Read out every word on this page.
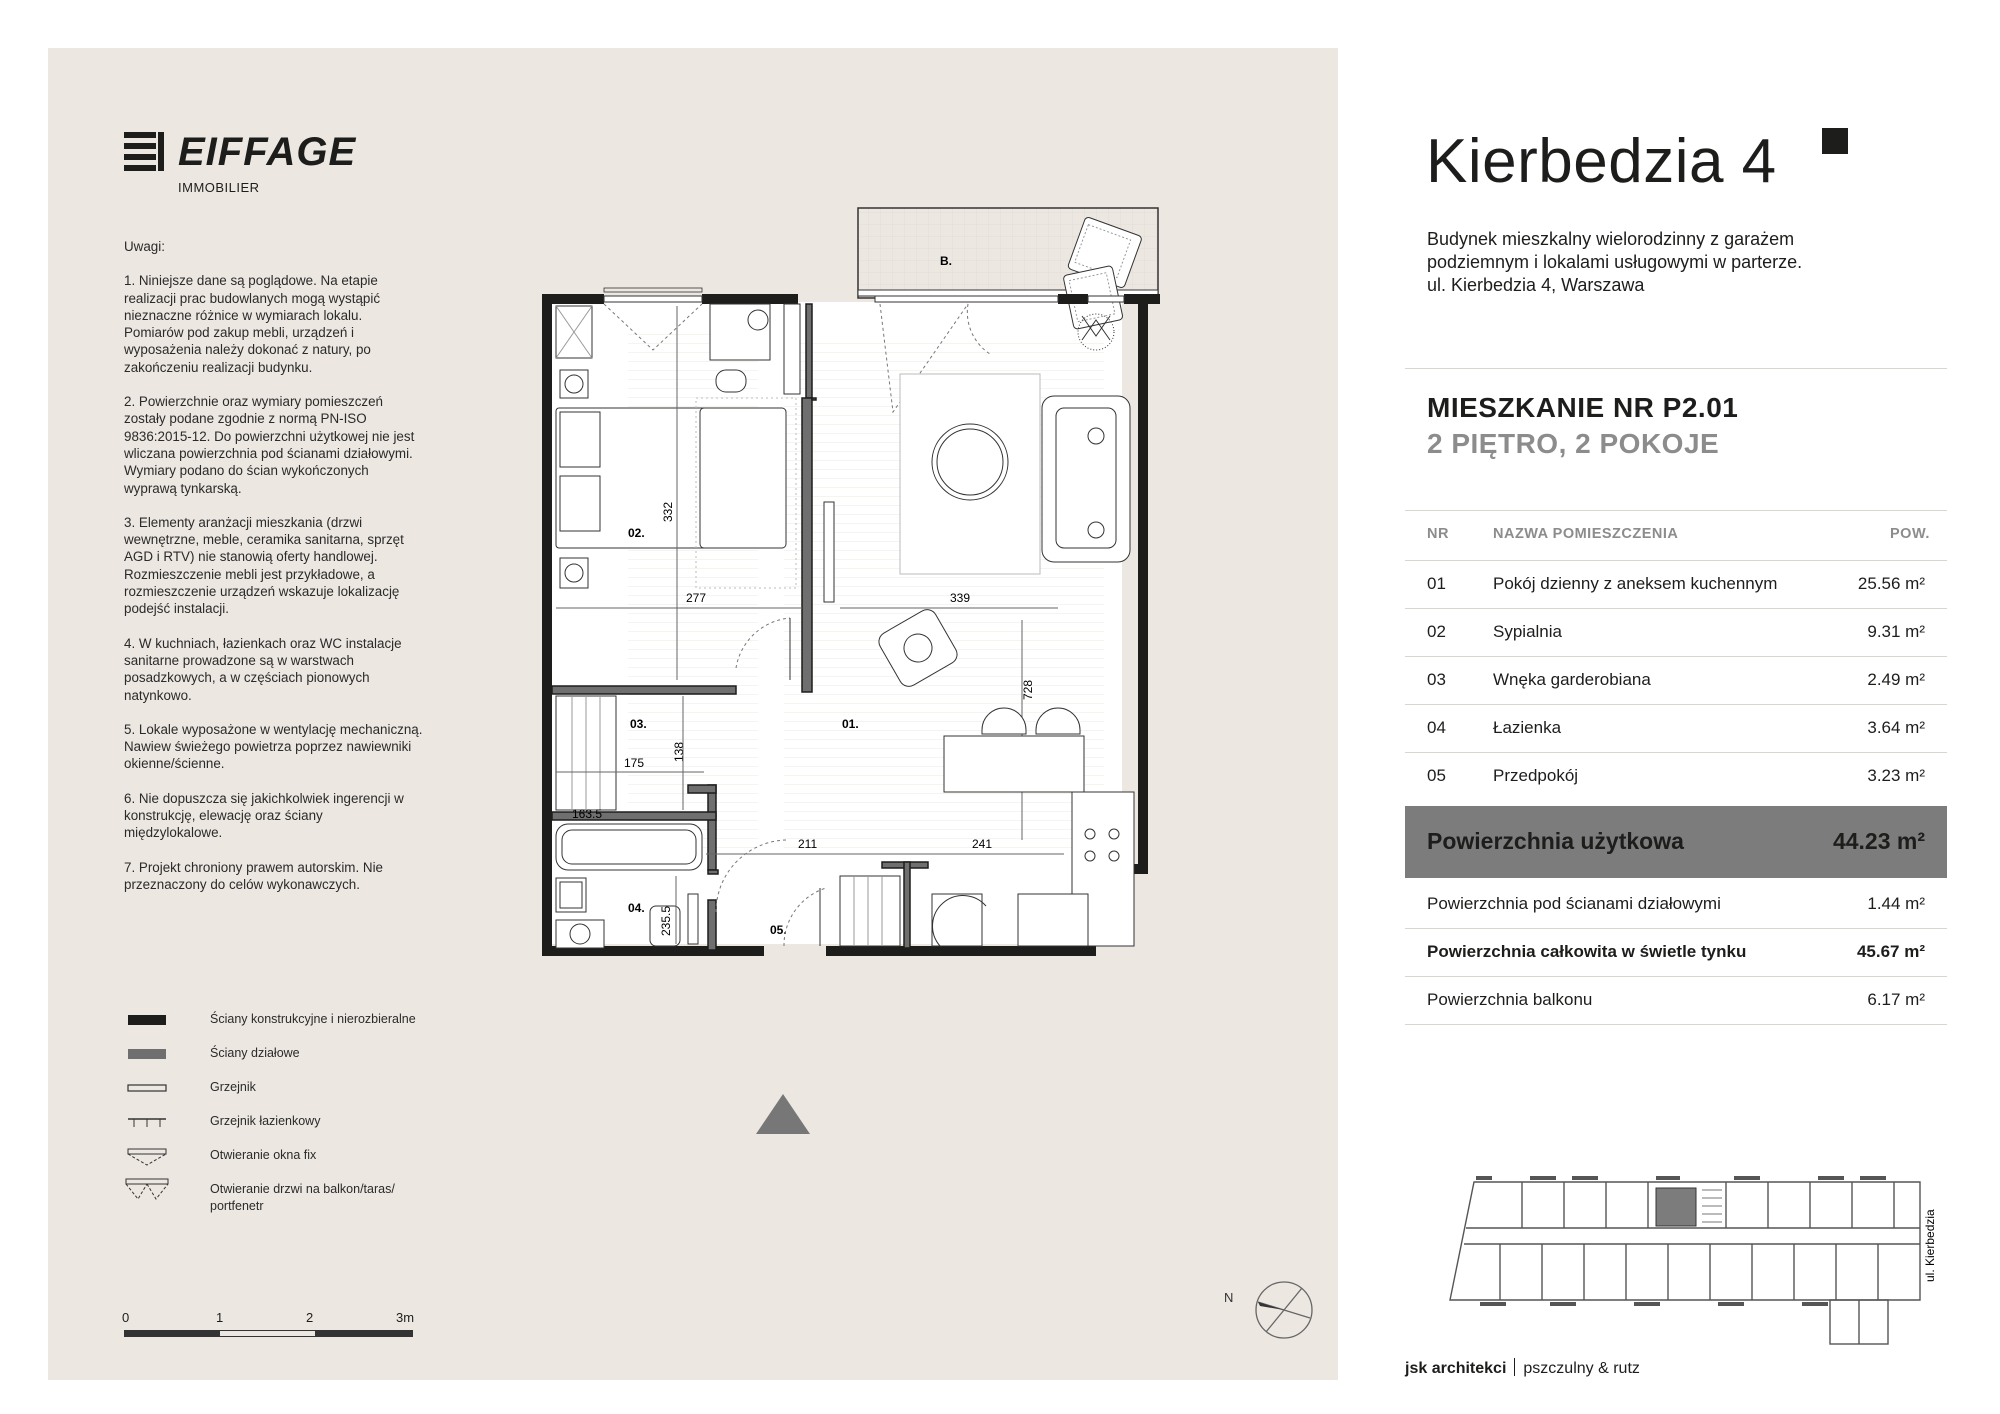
EIFFAGE
IMMOBILIER

Uwagi:

1. Niniejsze dane są poglądowe. Na etapie realizacji prac budowlanych mogą wystąpić nieznaczne różnice w wymiarach lokalu. Pomiarów pod zakup mebli, urządzeń i wyposażenia należy dokonać z natury, po zakończeniu realizacji budynku.

2. Powierzchnie oraz wymiary pomieszczeń zostały podane zgodnie z normą PN-ISO 9836:2015-12. Do powierzchni użytkowej nie jest wliczana powierzchnia pod ścianami działowymi. Wymiary podano do ścian wykończonych wyprawą tynkarską.

3. Elementy aranżacji mieszkania (drzwi wewnętrzne, meble, ceramika sanitarna, sprzęt AGD i RTV) nie stanowią oferty handlowej. Rozmieszczenie mebli jest przykładowe, a rozmieszczenie urządzeń wskazuje lokalizację podejść instalacji.

4. W kuchniach, łazienkach oraz WC instalacje sanitarne prowadzone są w warstwach posadzkowych, a w częściach pionowych natynkowo.

5. Lokale wyposażone w wentylację mechaniczną. Nawiew świeżego powietrza poprzez nawiewniki okienne/ścienne.

6. Nie dopuszcza się jakichkolwiek ingerencji w konstrukcję, elewację oraz ściany międzylokalowe.

7. Projekt chroniony prawem autorskim. Nie przeznaczony do celów wykonawczych.

Ściany konstrukcyjne i nierozbieralne
Ściany działowe
Grzejnik
Grzejnik łazienkowy
Otwieranie okna fix
Otwieranie drzwi na balkon/taras/ portfenetr
0	1	2	3m
B.
03.
138
175
02.
332
277	339
728
01.
211	241
05.
163.5
04. 235.5
N
Kierbedzia 4
Budynek mieszkalny wielorodzinny z garażem
podziemnym i lokalami usługowymi w parterze.
ul. Kierbedzia 4, Warszawa
MIESZKANIE NR P2.01
2 PIĘTRO, 2 POKOJE
NR	NAZWA POMIESZCZENIA	POW.
01	Pokój dzienny z aneksem kuchennym	25.56 m²
02	Sypialnia	9.31 m²
03	Wnęka garderobiana	2.49 m²
04	Łazienka	3.64 m²
05	Przedpokój	3.23 m²
Powierzchnia użytkowa	44.23 m²
Powierzchnia pod ścianami działowymi	1.44 m²
Powierzchnia całkowita w świetle tynku	45.67 m²
Powierzchnia balkonu	6.17 m²
ul. Kierbedzia
jsk architekci pszczulny & rutz
